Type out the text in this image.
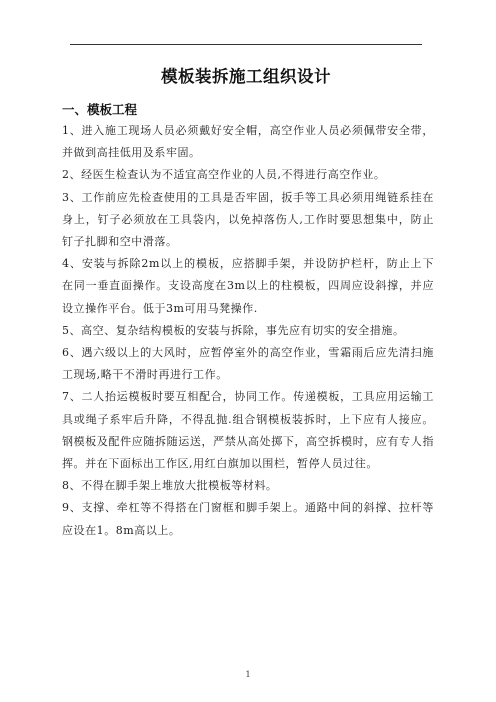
模板装拆施工组织设计
一、模板工程

1、进入施工现场人员必须戴好安全帽，高空作业人员必须佩带安全带，并做到高挂低用及系牢固。

2、经医生检查认为不适宜高空作业的人员,不得进行高空作业。

3、工作前应先检查使用的工具是否牢固，扳手等工具必须用绳链系挂在身上，钉子必须放在工具袋内，以免掉落伤人,工作时要思想集中，防止钉子扎脚和空中滑落。

4、安装与拆除2m以上的模板，应搭脚手架，并设防护栏杆，防止上下在同一垂直面操作。支设高度在3m以上的柱模板，四周应设斜撑，并应设立操作平台。低于3m可用马凳操作.

5、高空、复杂结构模板的安装与拆除，事先应有切实的安全措施。

6、遇六级以上的大风时，应暂停室外的高空作业，雪霜雨后应先清扫施工现场,略干不滑时再进行工作。

7、二人抬运模板时要互相配合，协同工作。传递模板，工具应用运输工具或绳子系牢后升降，不得乱抛.组合钢模板装拆时，上下应有人接应。钢模板及配件应随拆随运送，严禁从高处掷下，高空拆模时，应有专人指挥。并在下面标出工作区,用红白旗加以围栏，暂停人员过往。

8、不得在脚手架上堆放大批模板等材料。

9、支撑、牵杠等不得搭在门窗框和脚手架上。通路中间的斜撑、拉杆等应设在1。8m高以上。

1
